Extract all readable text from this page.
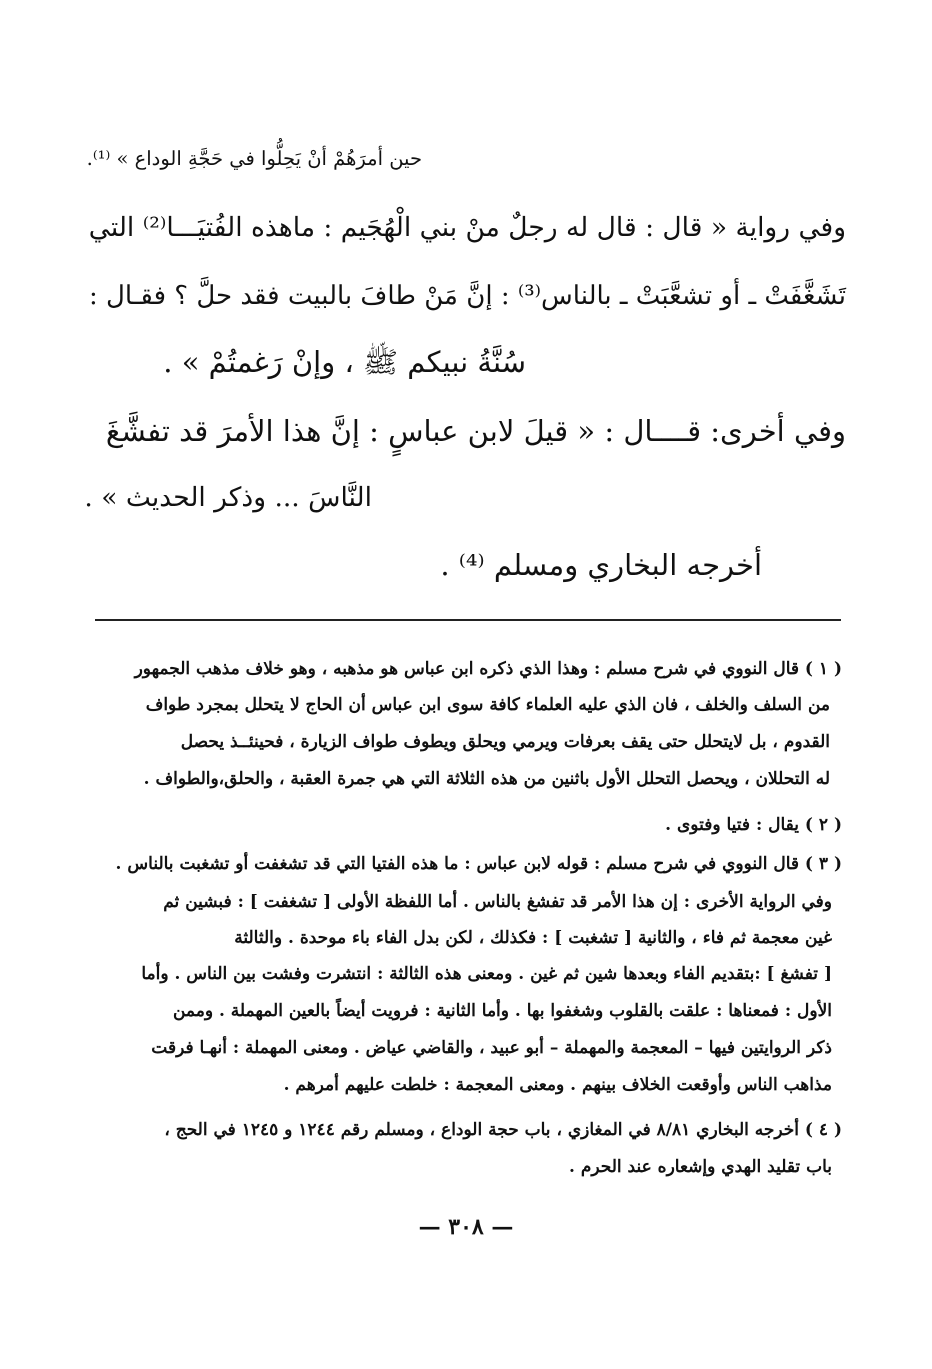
حين أمرَهُمْ أنْ يَحِلُّوا في حَجَّةِ الوداع » ⁽¹⁾.
وفي رواية « قال : قال له رجلٌ منْ بني الْهُجَيم : ماهذه الفُتيَـــا⁽²⁾ التي
تَشَغَّفَتْ ـ أو تشعَّبَتْ ـ بالناس⁽³⁾ : إنَّ مَنْ طافَ بالبيت فقد حلَّ ؟ فقـال :
سُنَّةُ نبيكم ﷺ ، وإنْ رَغمتُمْ » .
وفي أخرى: قــــال : « قيلَ لابن عباسٍ : إنَّ هذا الأمرَ قد تفشَّغَ
النَّاسَ ... وذكر الحديث » .
أخرجه البخاري ومسلم ⁽⁴⁾ .
( ١ ) قال النووي في شرح مسلم : وهذا الذي ذكره ابن عباس هو مذهبه ، وهو خلاف مذهب الجمهور
من السلف والخلف ، فان الذي عليه العلماء كافة سوى ابن عباس أن الحاج لا يتحلل بمجرد طواف
القدوم ، بل لايتحلل حتى يقف بعرفات ويرمي ويحلق ويطوف طواف الزيارة ، فحينئــذ يحصل
له التحللان ، ويحصل التحلل الأول باثنين من هذه الثلاثة التي هي جمرة العقبة ، والحلق،والطواف .
( ٢ ) يقال : فتيا وفتوى .
( ٣ ) قال النووي في شرح مسلم : قوله لابن عباس : ما هذه الفتيا التي قد تشغفت أو تشغبت بالناس .
وفي الرواية الأخرى : إن هذا الأمر قد تفشغ بالناس . أما اللفظة الأولى [ تشغفت ] : فبشين ثم
غين معجمة ثم فاء ، والثانية [ تشغبت ] : فكذلك ، لكن بدل الفاء باء موحدة . والثالثة
[ تفشغ ] :بتقديم الفاء وبعدها شين ثم غين . ومعنى هذه الثالثة : انتشرت وفشت بين الناس . وأما
الأول : فمعناها : علقت بالقلوب وشغفوا بها . وأما الثانية : فرويت أيضاً بالعين المهملة . وممن
ذكر الروايتين فيها – المعجمة والمهملة – أبو عبيد ، والقاضي عياض . ومعنى المهملة : أنهـا فرقت
مذاهب الناس وأوقعت الخلاف بينهم . ومعنى المعجمة : خلطت عليهم أمرهم .
( ٤ ) أخرجه البخاري ٨/٨١ في المغازي ، باب حجة الوداع ، ومسلم رقم ١٢٤٤ و ١٢٤٥ في الحج ،
باب تقليد الهدي وإشعاره عند الحرم .
— ٣٠٨ —
